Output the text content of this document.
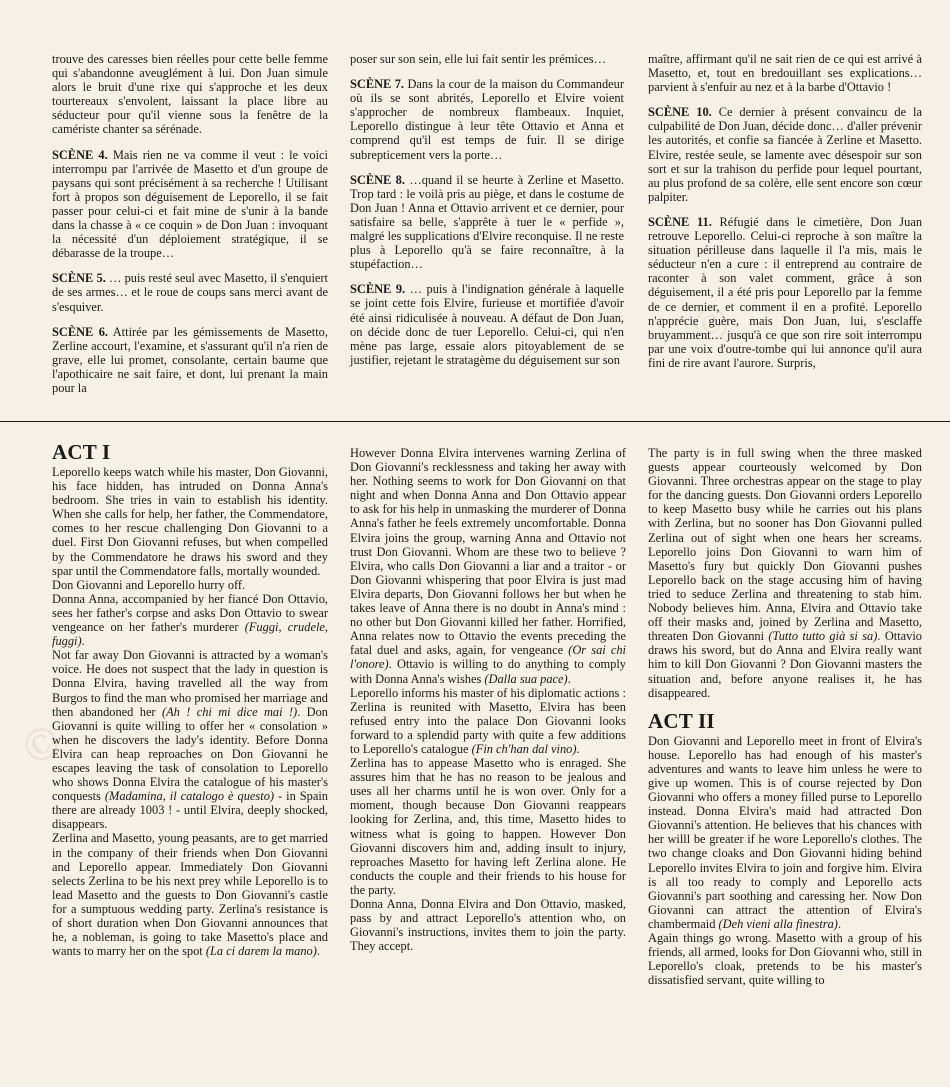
©
©
©

trouve des caresses bien réelles pour cette belle femme qui s'abandonne aveuglément à lui. Don Juan simule alors le bruit d'une rixe qui s'approche et les deux tourtereaux s'envolent, laissant la place libre au séducteur pour qu'il vienne sous la fenêtre de la camériste chanter sa sérénade.

SCÈNE 4. Mais rien ne va comme il veut : le voici interrompu par l'arrivée de Masetto et d'un groupe de paysans qui sont précisément à sa recherche ! Utilisant fort à propos son déguisement de Leporello, il se fait passer pour celui-ci et fait mine de s'unir à la bande dans la chasse à « ce coquin » de Don Juan : invoquant la nécessité d'un déploiement stratégique, il se débarasse de la troupe…

SCÈNE 5. … puis resté seul avec Masetto, il s'enquiert de ses armes… et le roue de coups sans merci avant de s'esquiver.

SCÈNE 6. Attirée par les gémissements de Masetto, Zerline accourt, l'examine, et s'assurant qu'il n'a rien de grave, elle lui promet, consolante, certain baume que l'apothicaire ne sait faire, et dont, lui prenant la main pour la

poser sur son sein, elle lui fait sentir les prémices…

SCÈNE 7. Dans la cour de la maison du Commandeur où ils se sont abrités, Leporello et Elvire voient s'approcher de nombreux flambeaux. Inquiet, Leporello distingue à leur tête Ottavio et Anna et comprend qu'il est temps de fuir. Il se dirige subrepticement vers la porte…

SCÈNE 8. …quand il se heurte à Zerline et Masetto. Trop tard : le voilà pris au piège, et dans le costume de Don Juan ! Anna et Ottavio arrivent et ce dernier, pour satisfaire sa belle, s'apprête à tuer le « perfide », malgré les supplications d'Elvire reconquise. Il ne reste plus à Leporello qu'à se faire reconnaître, à la stupéfaction…

SCÈNE 9. … puis à l'indignation générale à laquelle se joint cette fois Elvire, furieuse et mortifiée d'avoir été ainsi ridiculisée à nouveau. A défaut de Don Juan, on décide donc de tuer Leporello. Celui-ci, qui n'en mène pas large, essaie alors pitoyablement de se justifier, rejetant le stratagème du déguisement sur son

maître, affirmant qu'il ne sait rien de ce qui est arrivé à Masetto, et, tout en bredouillant ses explications… parvient à s'enfuir au nez et à la barbe d'Ottavio !

SCÈNE 10. Ce dernier à présent convaincu de la culpabilité de Don Juan, décide donc… d'aller prévenir les autorités, et confie sa fiancée à Zerline et Masetto. Elvire, restée seule, se lamente avec désespoir sur son sort et sur la trahison du perfide pour lequel pourtant, au plus profond de sa colère, elle sent encore son cœur palpiter.

SCÈNE 11. Réfugié dans le cimetière, Don Juan retrouve Leporello. Celui-ci reproche à son maître la situation périlleuse dans laquelle il l'a mis, mais le séducteur n'en a cure : il entreprend au contraire de raconter à son valet comment, grâce à son déguisement, il a été pris pour Leporello par la femme de ce dernier, et comment il en a profité. Leporello n'apprécie guère, mais Don Juan, lui, s'esclaffe bruyamment… jusqu'à ce que son rire soit interrompu par une voix d'outre-tombe qui lui annonce qu'il aura fini de rire avant l'aurore. Surpris,

ACT I

Leporello keeps watch while his master, Don Giovanni, his face hidden, has intruded on Donna Anna's bedroom. She tries in vain to establish his identity. When she calls for help, her father, the Commendatore, comes to her rescue challenging Don Giovanni to a duel. First Don Giovanni refuses, but when compelled by the Commendatore he draws his sword and they spar until the Commendatore falls, mortally wounded.

Don Giovanni and Leporello hurry off.

Donna Anna, accompanied by her fiancé Don Ottavio, sees her father's corpse and asks Don Ottavio to swear vengeance on her father's murderer (Fuggi, crudele, fuggi).

Not far away Don Giovanni is attracted by a woman's voice. He does not suspect that the lady in question is Donna Elvira, having travelled all the way from Burgos to find the man who promised her marriage and then abandoned her (Ah ! chi mi dice mai !). Don Giovanni is quite willing to offer her « consolation » when he discovers the lady's identity. Before Donna Elvira can heap reproaches on Don Giovanni he escapes leaving the task of consolation to Leporello who shows Donna Elvira the catalogue of his master's conquests (Madamina, il catalogo è questo) - in Spain there are already 1003 ! - until Elvira, deeply shocked, disappears.

Zerlina and Masetto, young peasants, are to get married in the company of their friends when Don Giovanni and Leporello appear. Immediately Don Giovanni selects Zerlina to be his next prey while Leporello is to lead Masetto and the guests to Don Giovanni's castle for a sumptuous wedding party. Zerlina's resistance is of short duration when Don Giovanni announces that he, a nobleman, is going to take Masetto's place and wants to marry her on the spot (La ci darem la mano).

However Donna Elvira intervenes warning Zerlina of Don Giovanni's recklessness and taking her away with her. Nothing seems to work for Don Giovanni on that night and when Donna Anna and Don Ottavio appear to ask for his help in unmasking the murderer of Donna Anna's father he feels extremely uncomfortable. Donna Elvira joins the group, warning Anna and Ottavio not trust Don Giovanni. Whom are these two to believe ? Elvira, who calls Don Giovanni a liar and a traitor - or Don Giovanni whispering that poor Elvira is just mad Elvira departs, Don Giovanni follows her but when he takes leave of Anna there is no doubt in Anna's mind : no other but Don Giovanni killed her father. Horrified, Anna relates now to Ottavio the events preceding the fatal duel and asks, again, for vengeance (Or sai chi l'onore). Ottavio is willing to do anything to comply with Donna Anna's wishes (Dalla sua pace).

Leporello informs his master of his diplomatic actions : Zerlina is reunited with Masetto, Elvira has been refused entry into the palace Don Giovanni looks forward to a splendid party with quite a few additions to Leporello's catalogue (Fin ch'han dal vino).

Zerlina has to appease Masetto who is enraged. She assures him that he has no reason to be jealous and uses all her charms until he is won over. Only for a moment, though because Don Giovanni reappears looking for Zerlina, and, this time, Masetto hides to witness what is going to happen. However Don Giovanni discovers him and, adding insult to injury, reproaches Masetto for having left Zerlina alone. He conducts the couple and their friends to his house for the party.

Donna Anna, Donna Elvira and Don Ottavio, masked, pass by and attract Leporello's attention who, on Giovanni's instructions, invites them to join the party. They accept.

The party is in full swing when the three masked guests appear courteously welcomed by Don Giovanni. Three orchestras appear on the stage to play for the dancing guests. Don Giovanni orders Leporello to keep Masetto busy while he carries out his plans with Zerlina, but no sooner has Don Giovanni pulled Zerlina out of sight when one hears her screams. Leporello joins Don Giovanni to warn him of Masetto's fury but quickly Don Giovanni pushes Leporello back on the stage accusing him of having tried to seduce Zerlina and threatening to stab him. Nobody believes him. Anna, Elvira and Ottavio take off their masks and, joined by Zerlina and Masetto, threaten Don Giovanni (Tutto tutto già si sa). Ottavio draws his sword, but do Anna and Elvira really want him to kill Don Giovanni ? Don Giovanni masters the situation and, before anyone realises it, he has disappeared.

ACT II

Don Giovanni and Leporello meet in front of Elvira's house. Leporello has had enough of his master's adventures and wants to leave him unless he were to give up women. This is of course rejected by Don Giovanni who offers a money filled purse to Leporello instead. Donna Elvira's maid had attracted Don Giovanni's attention. He believes that his chances with her willl be greater if he wore Leporello's clothes. The two change cloaks and Don Giovanni hiding behind Leporello invites Elvira to join and forgive him. Elvira is all too ready to comply and Leporello acts Giovanni's part soothing and caressing her. Now Don Giovanni can attract the attention of Elvira's chambermaid (Deh vieni alla finestra).

Again things go wrong. Masetto with a group of his friends, all armed, looks for Don Giovanni who, still in Leporello's cloak, pretends to be his master's dissatisfied servant, quite willing to
